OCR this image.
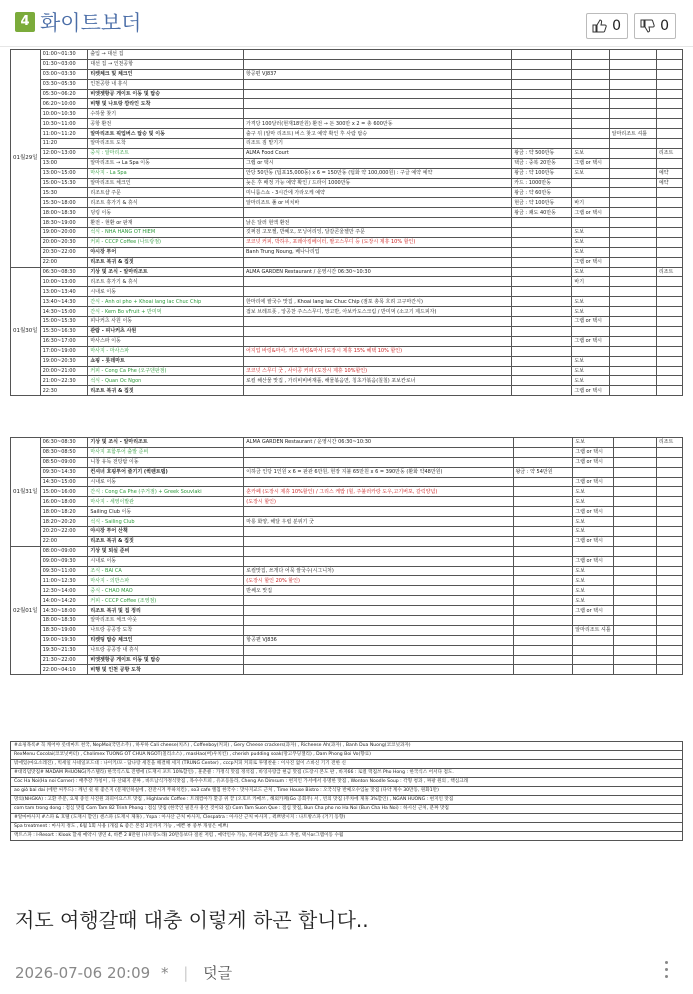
4 화이트보더	0	0
01월29일	01:00~01:30	출입 → 대선 집					
	01:30~03:00	대선 집 → 인천공항					
	03:00~03:30	티켓체크 및 체크인	항공편 VJ837				
	03:30~05:30	인천공항 내 휴식					
	05:30~06:20	비엣젯항공 게이트 이동 및 탑승					
	06:20~10:00	비행 및 나트랑 깜라인 도착					
	10:00~10:30	수하물 찾기					
	10:30~11:00	공항 환전	가격당 100달러(현재18만원) 환전 → 돈 300만 x 2 = 총 600만동				
	11:00~11:20	알마리조트 픽업버스 탑승 및 이동	출구 뒤 (알마 리조트) 버스 찾고 예약 확인 후 사람 탑승			알마리조트 셔틀	
	11:20	알마리조트 도착	리조트 짐 맡기기				
	12:00~13:00	중식 : 알마리조트	ALMA Food Court	왕금 : 약 500만동	도보		리조트
	13:00	알마리조트 → La Spa 이동	그랩 or 택시	택금 : 중복 20만동	그랩 or 택시		
	13:00~15:00	마사지 - La Spa	안당 50만동 (팁포15,000동) x 6 = 150만동 (팁화 약 100,000원) : 구글 예약 예약	왕금 : 약 100만동	도보		예약
	15:00~15:30	알마리조트 체크인	늦은 후 배정 가능 예약 확인 / 드라이 1000만동	카드 : 1000만동			예약
	15:30	리조트샵 주문	미니룸스쇼 - 3시간에 가라오케 예약	왕금 : 약 60만동			
	15:30~18:00	리조트 휴가기 & 휴식	알마리조트 풀 or 비치바	현금 : 약 100만동	바기		
	18:00~18:30	딩링 이동		왕금 : 쾌도 40만동	그랩 or 택시		
	18:30~19:00	환전 - 현환 or 판재	낡은 달러 현액 환전				
	19:00~20:00	석식 - NHA HANG OT HIEM	깃쩌검 고모젤, 반쎄오, 모닝어리잉, 달갈콘울젤만 주문		도보		
	20:00~20:30	커피 - CCCP Coffee (나트랑점)	코코넛 커피, 박하우, 포레아킹베이터, 팔고스무디 등 (도장시 제휴 10% 할인)		도보		
	20:30~22:00	야시장 투어	Banh Trung Noung, 베나나리업		도보		
	22:00	리조트 복귀 & 집짓			그랩 or 택시		
01월30일	06:30~08:30	기상 및 조식 - 알마리조트	ALMA GARDEN Restaurant / 운영시간 06:30~10:30		도보		리조트
	10:00~13:00	리조트 휴가기 & 휴식			바기		
	13:00~13:40	시내로 이동					
	13:40~14:30	간식 - Anh oi pho + Khoai lang lac Chuc Chip	한마리에 쌀국수 맛집 , Khoai lang lac Chuc Chip (점포 총목 흐려 고구마간식)		도보		
	14:30~15:00	간식 - Kem Bo vFruit + 반미먹	접보 브레프폿 , 앙공찬 주스스무디, 망고반, 아보카도스크림 / 반미먹 (소고기 제드피자)		도보		
	15:00~15:30	피나커츠 사원 이동			그랩 or 택시		
	15:30~16:30	관람 - 피나커츠 사원					
	16:30~17:00	마사스파 이동			그랩 or 택시		
	17:00~19:00	마사지 - 마사스파	어지업 바링&마사, 키즈 바링&마사 (도장시 제휴 15% 혜택 10% 할인)				
	19:00~20:30	쇼핑 - 롯데마트			도보		
	20:00~21:00	커피 - Cong Ca Phe (오구덴판점)	코코넛 스무디 굿 , 사이공 커피 (도장시 제휴 10%할인)		도보		
	21:00~22:30	석식 - Quan Oc Ngon	로컬 해산물 맛집 , 가리비비버재플, 해물볶음면, 칭초가볶음(칠칠) 포보칸로너		도보		
	22:30	리조트 복귀 & 집짓			그랩 or 택시		
01월31일	06:30~08:30	기상 및 조식 - 알마리조트	ALMA GARDEN Restaurant / 운영시간 06:30~10:30		도보		리조트
	08:30~08:50	마사지 포함투어 출발 준비			그랩 or 택시		
	08:50~09:00	니창 유독 전탕탑 이동			그랩 or 택시		
	09:30~14:30	컨셔녀 호핑투어 즐기기 (퀵렌트탭)	이하금 인당 1인원 x 6 = 판관 6만원, 현장 지불 65만원 x 6 = 390만동 (환화 약48만원)	왕금 : 약 54만원			
	14:30~15:00	시내로 이동			그랩 or 택시		
	15:00~16:00	간식 : Cong Ca Phe (주거점) + Greek Souvlaki	훈카페 (도장시 제휴 10%할인) / 그리스 케밥 (힐, 주불러카랑 도우,고기버포, 갈릭양념)		도보		
	16:00~18:00	마사지 - 세영이발관	(도장시 할인)		도보		
	18:00~18:20	Sailing Club 이동			그랩 or 택시		
	18:20~20:20	석식 - Sailing Club	마롱 화양, 해달 우립 분위기 굿		도보		
	20:20~22:00	야시장 투어 산책			도보		
	22:00	리조트 복귀 & 집짓			그랩 or 택시		
02월01일	08:00~09:00	기상 및 퇴실 준비					
	09:00~09:30	시내로 이동			그랩 or 택시		
	09:30~11:00	조식 - BAI CA	로컬맛집, 쓰개다 어묵 쌀국수(시그니처)		도보		
	11:00~12:30	마사지 - 의반스파	(도장시 할인 20% 할인)		도보		
	12:30~14:00	중식 - CHAO MAO	반쎄오 맛집		도보		
	14:00~14:20	커피 - CCCP Coffee (조영점)			도보		
	14:30~18:00	리조트 복귀 및 집 정리			그랩 or 택시		
	18:00~18:30	알마리조트 체크 아웃					
	18:30~19:00	나트랑 공공장 도착			알마리조트 셔틀		
	19:00~19:30	티켓팅 탑승 체크인	항공편 VJ836				
	19:30~21:30	나트랑 공공장 내 휴식					
	21:30~22:00	비엣젯항공 게이트 이동 및 탑승					
	22:00~04:10	비행 및 인천 공항 도착					
#쇼핑목록# 꼭 캐어야 롯데마트 천국, NepMoi(국민소주) , 하루하 Cali cheese(치즈) , Coffeeboy(커피) , Gery Cheese crackers(과자) , Richeese Ah(과자) , Banh Dua Nuong(코코넛과자)
RexMenu Cocolai(코코넛버터) , Cholimex TUONG OT CHUA NGOT(칠리소스) , masHao(버)우치킨) , cherish pudding soak(망고푸딩젤리) , Dam Phong Boi Vo(향료)
밖에있(마요소레진) , 빅세일 사네일포드대 : 나이키/포 - 담나랑 세진을 해결해 세지 (TRUNG Center) , cccp커피 커피로 투명찬운 : 이사진 없이 스바신 기기 전한 신
#대리덤맛집# MADAM PHUONG(카스텔라) 한국식스토 진행에 (도재시 포트 10%할인) , 훈춘클 : 가정식 맛집 정석집 , 바잉사랑급 현금 맛집 (도장시 본도 판 , 바지66 : 로컬 떡집쓰 Pho Hong : 한국식스 어서다 점도.
Coc Ha Noi(Ha noi Corner) : 배추강 가칭이 , 다 산돼지 분짜 , 바트남식가정식맛집 , 목수수트띄 , 유포등돌라, Cheng An Dimsum : 현지인 가서에서 유명한 맛집 , Wonton Noodle Soup : 각형 청과 , 짜팡 원의 , 핵심크래
ao giò bai dai (에반 씨푸드) : 깨넌 쉿 위 좋은지 (문제인하실에 , 잔잔시겨 뚜따치킨) , so3 cafe 엘칩 한국수 : 맛사지교드 근처 , Time House Bistro : 오국식당 반쎄오수입눌 맛집 (다약 계수 30만동, 원화1만)
망의(NHGKA) : 고환 주문, 요제 중인 사진원 과피이요스트 맛집 , Highlands Coffee : 트래컴아가 환공 위 끝 (오호르 카메쓰 , 해외카페(Go 공회주) 서 , 빈의 맛집 (주차에 제휴 3%할인) , NGAN HUONG : 현지인 맛집
com tam trong dong : 점심 맛집 Com Tam 82 Trinh Phong : 점심 맛집 (한국인 필진사 용언 것이와 집) Com Tam Suon Que : 점심 맛집, Bun Cha pho no Ha Noi (Bun Cha Ha Noi) : 하시신 근처, 분짜 맛집
#알마마사지 #스파 & 호텔 (도재시 할인) 센스파 (도재시 제휴) , Yspa : 아사산 근처 마사지, Clespatra : 아사산 근처 마사지 , 퀵쁘방시지 : 나트방스파 (거기 동향)
Spa treatment : 마사지 정도 , 6월 1회 사용 (개집 & 좋은 본점 3인까지 가능 , 예쁜 뷰 중부 개성은 예쁘)
액트스파 : I-Resort : Klook 할새 예약시 생연 4, 바쁜 2 8만원 (나트랑노래) 20만동보다 절친 저렴 , 예약인수 가능, 바이팩 35만동 요소 추천, 택시or그랩이동 수월
저도 여행갈때 대충 이렇게 하곤 합니다..
2026-07-06 20:09 * | 덧글
